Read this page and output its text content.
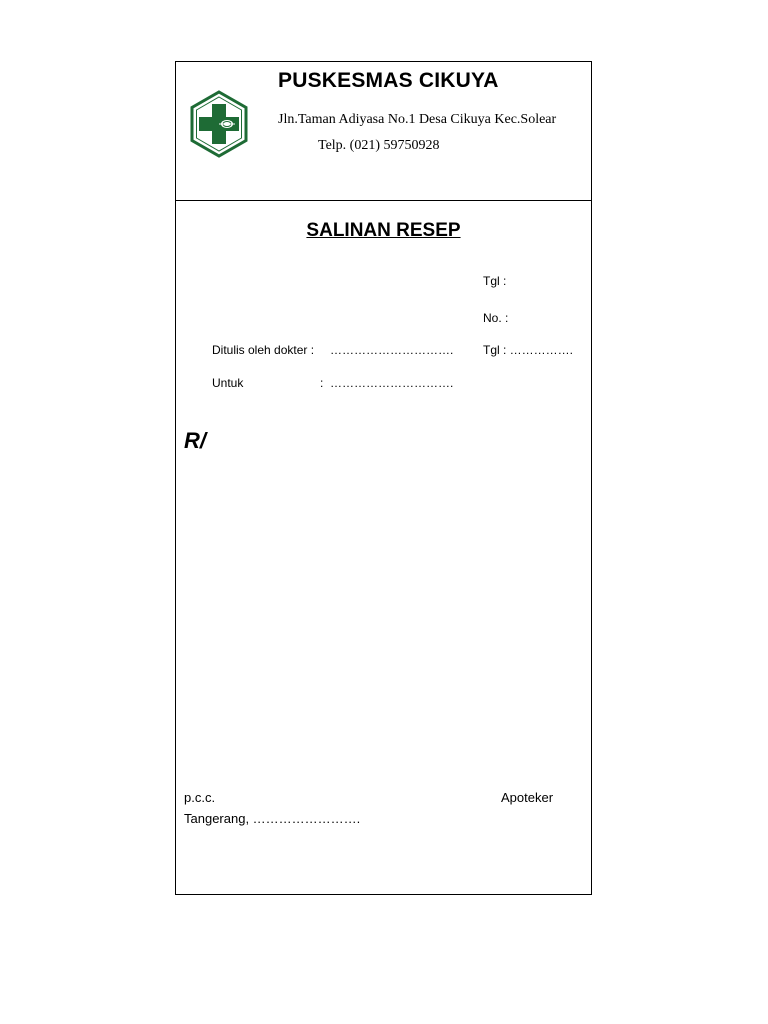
PUSKESMAS CIKUYA
Jln.Taman Adiyasa No.1 Desa Cikuya Kec.Solear
Telp. (021) 59750928
SALINAN RESEP
Tgl :
No. :
Ditulis oleh dokter : …………………………. Tgl : …………….
Untuk	: ………………………….
R/
p.c.c.	Apoteker
Tangerang, …………………….
